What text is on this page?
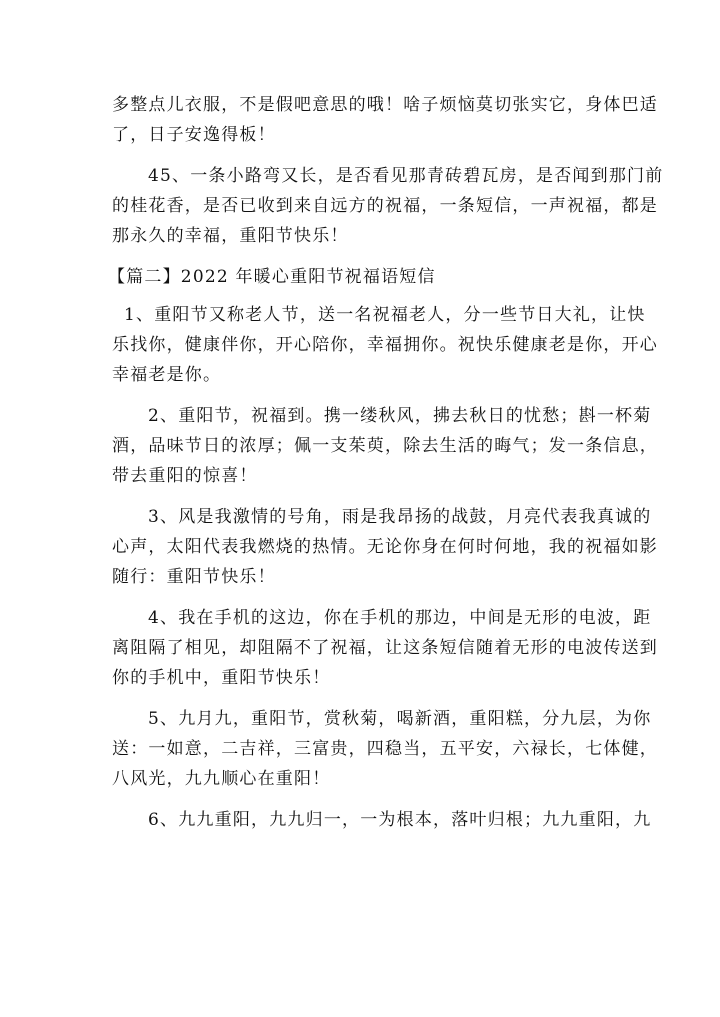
多整点儿衣服，不是假吧意思的哦！啥子烦恼莫切张实它，身体巴适
了，日子安逸得板！

45、一条小路弯又长，是否看见那青砖碧瓦房，是否闻到那门前
的桂花香，是否已收到来自远方的祝福，一条短信，一声祝福，都是
那永久的幸福，重阳节快乐！

【篇二】2022 年暖心重阳节祝福语短信

1、重阳节又称老人节，送一名祝福老人，分一些节日大礼，让快
乐找你，健康伴你，开心陪你，幸福拥你。祝快乐健康老是你，开心
幸福老是你。

2、重阳节，祝福到。携一缕秋风，拂去秋日的忧愁；斟一杯菊
酒，品味节日的浓厚；佩一支茱萸，除去生活的晦气；发一条信息，
带去重阳的惊喜！

3、风是我激情的号角，雨是我昂扬的战鼓，月亮代表我真诚的
心声，太阳代表我燃烧的热情。无论你身在何时何地，我的祝福如影
随行：重阳节快乐！

4、我在手机的这边，你在手机的那边，中间是无形的电波，距
离阻隔了相见，却阻隔不了祝福，让这条短信随着无形的电波传送到
你的手机中，重阳节快乐！

5、九月九，重阳节，赏秋菊，喝新酒，重阳糕，分九层，为你
送：一如意，二吉祥，三富贵，四稳当，五平安，六禄长，七体健，
八风光，九九顺心在重阳！

6、九九重阳，九九归一，一为根本，落叶归根；九九重阳，九
